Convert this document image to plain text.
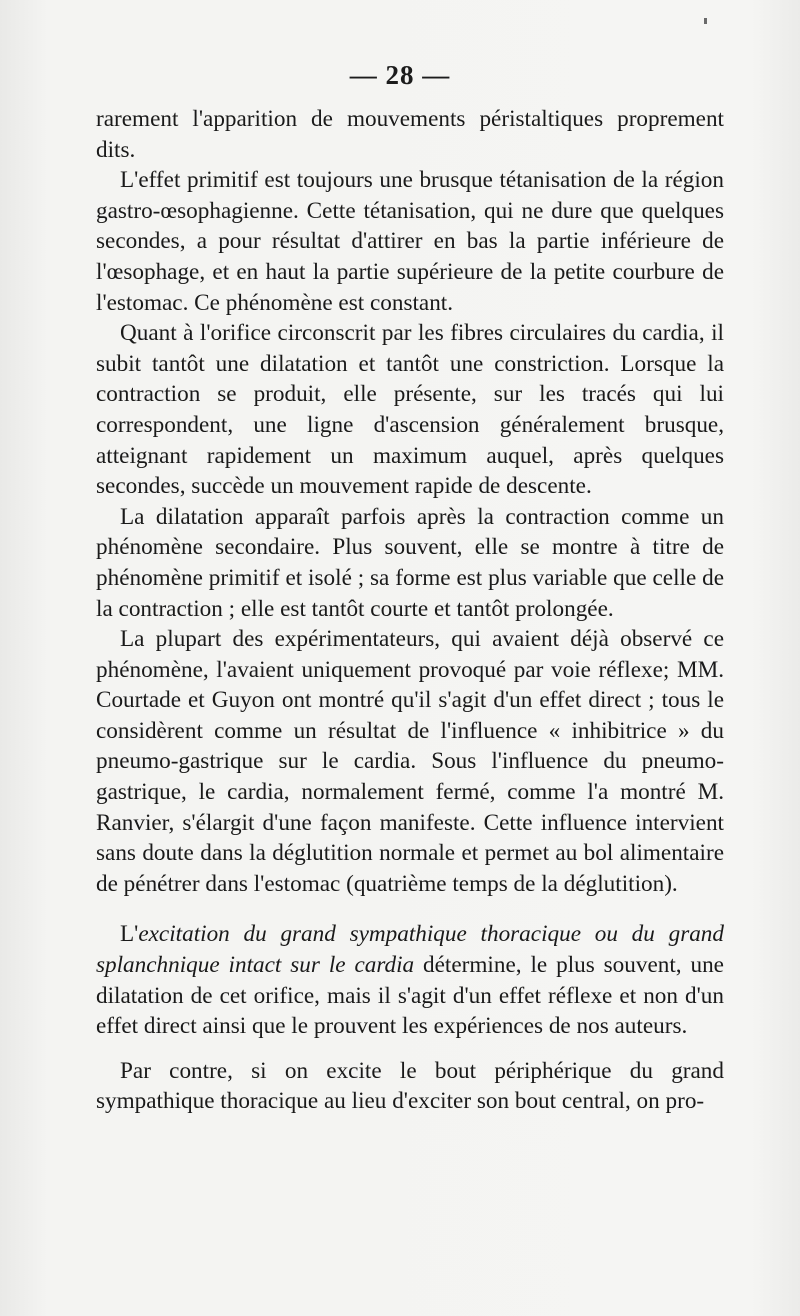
— 28 —

rarement l'apparition de mouvements péristaltiques proprement dits.

L'effet primitif est toujours une brusque tétanisation de la région gastro-œsophagienne. Cette tétanisation, qui ne dure que quelques secondes, a pour résultat d'attirer en bas la partie inférieure de l'œsophage, et en haut la partie supérieure de la petite courbure de l'estomac. Ce phénomène est constant.

Quant à l'orifice circonscrit par les fibres circulaires du cardia, il subit tantôt une dilatation et tantôt une constriction. Lorsque la contraction se produit, elle présente, sur les tracés qui lui correspondent, une ligne d'ascension généralement brusque, atteignant rapidement un maximum auquel, après quelques secondes, succède un mouvement rapide de descente.

La dilatation apparaît parfois après la contraction comme un phénomène secondaire. Plus souvent, elle se montre à titre de phénomène primitif et isolé ; sa forme est plus variable que celle de la contraction ; elle est tantôt courte et tantôt prolongée.

La plupart des expérimentateurs, qui avaient déjà observé ce phénomène, l'avaient uniquement provoqué par voie réflexe; MM. Courtade et Guyon ont montré qu'il s'agit d'un effet direct ; tous le considèrent comme un résultat de l'influence « inhibitrice » du pneumo-gastrique sur le cardia. Sous l'influence du pneumo-gastrique, le cardia, normalement fermé, comme l'a montré M. Ranvier, s'élargit d'une façon manifeste. Cette influence intervient sans doute dans la déglutition normale et permet au bol alimentaire de pénétrer dans l'estomac (quatrième temps de la déglutition).

L'excitation du grand sympathique thoracique ou du grand splanchnique intact sur le cardia détermine, le plus souvent, une dilatation de cet orifice, mais il s'agit d'un effet réflexe et non d'un effet direct ainsi que le prouvent les expériences de nos auteurs.

Par contre, si on excite le bout périphérique du grand sympathique thoracique au lieu d'exciter son bout central, on pro-
